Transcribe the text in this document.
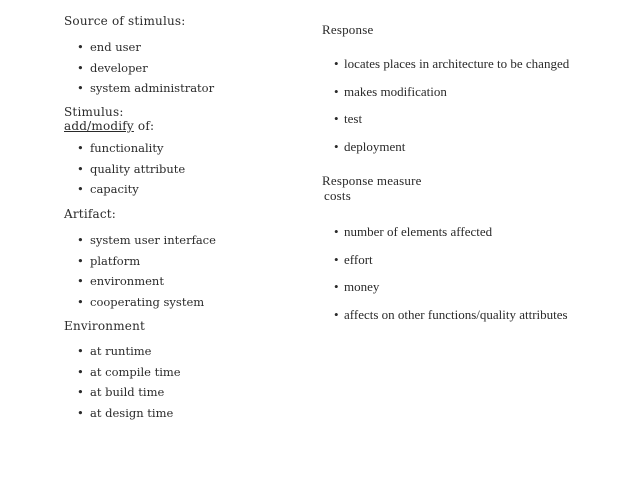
Source of stimulus:
• end user
• developer
• system administrator
Stimulus:
add/modify of:
• functionality
• quality attribute
• capacity
Artifact:
• system user interface
• platform
• environment
• cooperating system
Environment
• at runtime
• at compile time
• at build time
• at design time
Response
• locates places in architecture to be changed
• makes modification
• test
• deployment
Response measure
costs
• number of elements affected
• effort
• money
• affects on other functions/quality attributes
